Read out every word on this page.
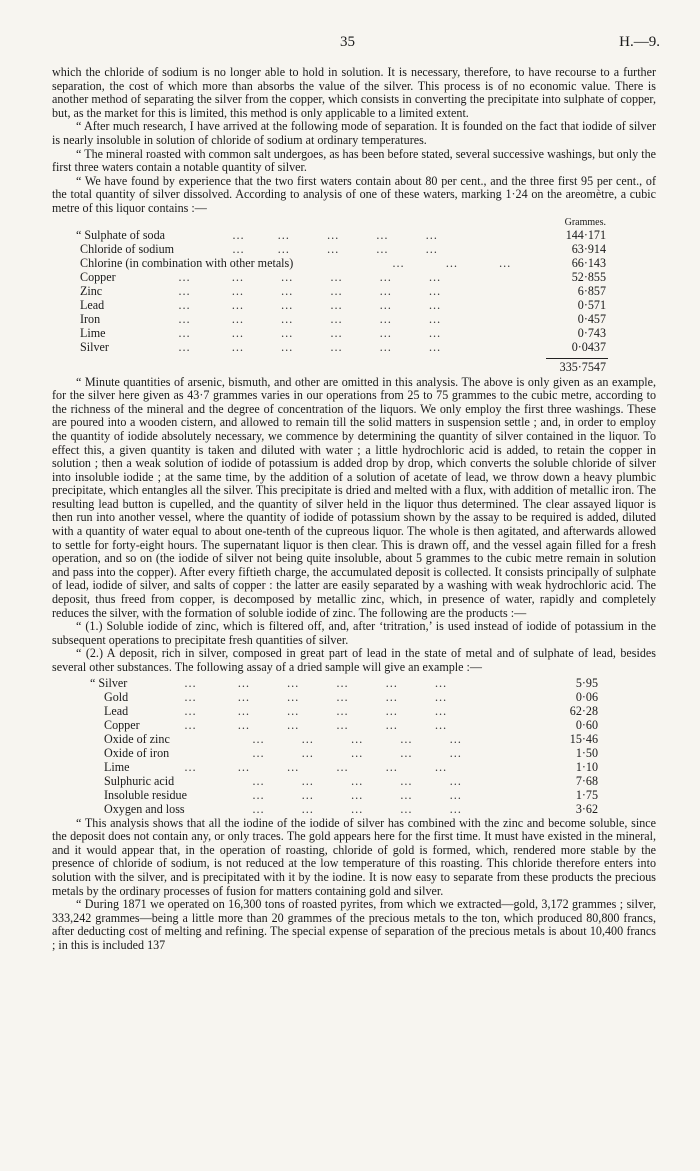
35	H.—9.

which the chloride of sodium is no longer able to hold in solution. It is necessary, therefore, to have recourse to a further separation, the cost of which more than absorbs the value of the silver. This process is of no economic value. There is another method of separating the silver from the copper, which consists in converting the precipitate into sulphate of copper, but, as the market for this is limited, this method is only applicable to a limited extent.

“ After much research, I have arrived at the following mode of separation. It is founded on the fact that iodide of silver is nearly insoluble in solution of chloride of sodium at ordinary temperatures.

“ The mineral roasted with common salt undergoes, as has been before stated, several successive washings, but only the first three waters contain a notable quantity of silver.

“ We have found by experience that the two first waters contain about 80 per cent., and the three first 95 per cent., of the total quantity of silver dissolved. According to analysis of one of these waters, marking 1·24 on the areomètre, a cubic metre of this liquor contains :—

Grammes.
“ Sulphate of soda	…        …         …         …         …	144·171
Chloride of sodium	…        …         …         …         …	63·914
Chlorine (in combination with other metals)	…          …          …	66·143
Copper	…          …         …         …         …         …	52·855
Zinc	…          …         …         …         …         …	6·857
Lead	…          …         …         …         …         …	0·571
Iron	…          …         …         …         …         …	0·457
Lime	…          …         …         …         …         …	0·743
Silver	…          …         …         …         …         …	0·0437
335·7547

“ Minute quantities of arsenic, bismuth, and other are omitted in this analysis. The above is only given as an example, for the silver here given as 43·7 grammes varies in our operations from 25 to 75 grammes to the cubic metre, according to the richness of the mineral and the degree of concentration of the liquors. We only employ the first three washings. These are poured into a wooden cistern, and allowed to remain till the solid matters in suspension settle ; and, in order to employ the quantity of iodide absolutely necessary, we commence by determining the quantity of silver contained in the liquor. To effect this, a given quantity is taken and diluted with water ; a little hydrochloric acid is added, to retain the copper in solution ; then a weak solution of iodide of potassium is added drop by drop, which converts the soluble chloride of silver into insoluble iodide ; at the same time, by the addition of a solution of acetate of lead, we throw down a heavy plumbic precipitate, which entangles all the silver. This precipitate is dried and melted with a flux, with addition of metallic iron. The resulting lead button is cupelled, and the quantity of silver held in the liquor thus determined. The clear assayed liquor is then run into another vessel, where the quantity of iodide of potassium shown by the assay to be required is added, diluted with a quantity of water equal to about one-tenth of the cupreous liquor. The whole is then agitated, and afterwards allowed to settle for forty-eight hours. The supernatant liquor is then clear. This is drawn off, and the vessel again filled for a fresh operation, and so on (the iodide of silver not being quite insoluble, about 5 grammes to the cubic metre remain in solution and pass into the copper). After every fiftieth charge, the accumulated deposit is collected. It consists principally of sulphate of lead, iodide of silver, and salts of copper : the latter are easily separated by a washing with weak hydrochloric acid. The deposit, thus freed from copper, is decomposed by metallic zinc, which, in presence of water, rapidly and completely reduces the silver, with the formation of soluble iodide of zinc. The following are the products :—

“ (1.) Soluble iodide of zinc, which is filtered off, and, after ‘tritration,’ is used instead of iodide of potassium in the subsequent operations to precipitate fresh quantities of silver.

“ (2.) A deposit, rich in silver, composed in great part of lead in the state of metal and of sulphate of lead, besides several other substances. The following assay of a dried sample will give an example :—

“ Silver	…          …         …         …         …         …	5·95
Gold	…          …         …         …         …         …	0·06
Lead	…          …         …         …         …         …	62·28
Copper	…          …         …         …         …         …	0·60
Oxide of zinc	…         …         …         …         …	15·46
Oxide of iron	…         …         …         …         …	1·50
Lime	…          …         …         …         …         …	1·10
Sulphuric acid	…         …         …         …         …	7·68
Insoluble residue	…         …         …         …         …	1·75
Oxygen and loss	…         …         …         …         …	3·62

“ This analysis shows that all the iodine of the iodide of silver has combined with the zinc and become soluble, since the deposit does not contain any, or only traces. The gold appears here for the first time. It must have existed in the mineral, and it would appear that, in the operation of roasting, chloride of gold is formed, which, rendered more stable by the presence of chloride of sodium, is not reduced at the low temperature of this roasting. This chloride therefore enters into solution with the silver, and is precipitated with it by the iodine. It is now easy to separate from these products the precious metals by the ordinary processes of fusion for matters containing gold and silver.

“ During 1871 we operated on 16,300 tons of roasted pyrites, from which we extracted—gold, 3,172 grammes ; silver, 333,242 grammes—being a little more than 20 grammes of the precious metals to the ton, which produced 80,800 francs, after deducting cost of melting and refining. The special expense of separation of the precious metals is about 10,400 francs ; in this is included 137
